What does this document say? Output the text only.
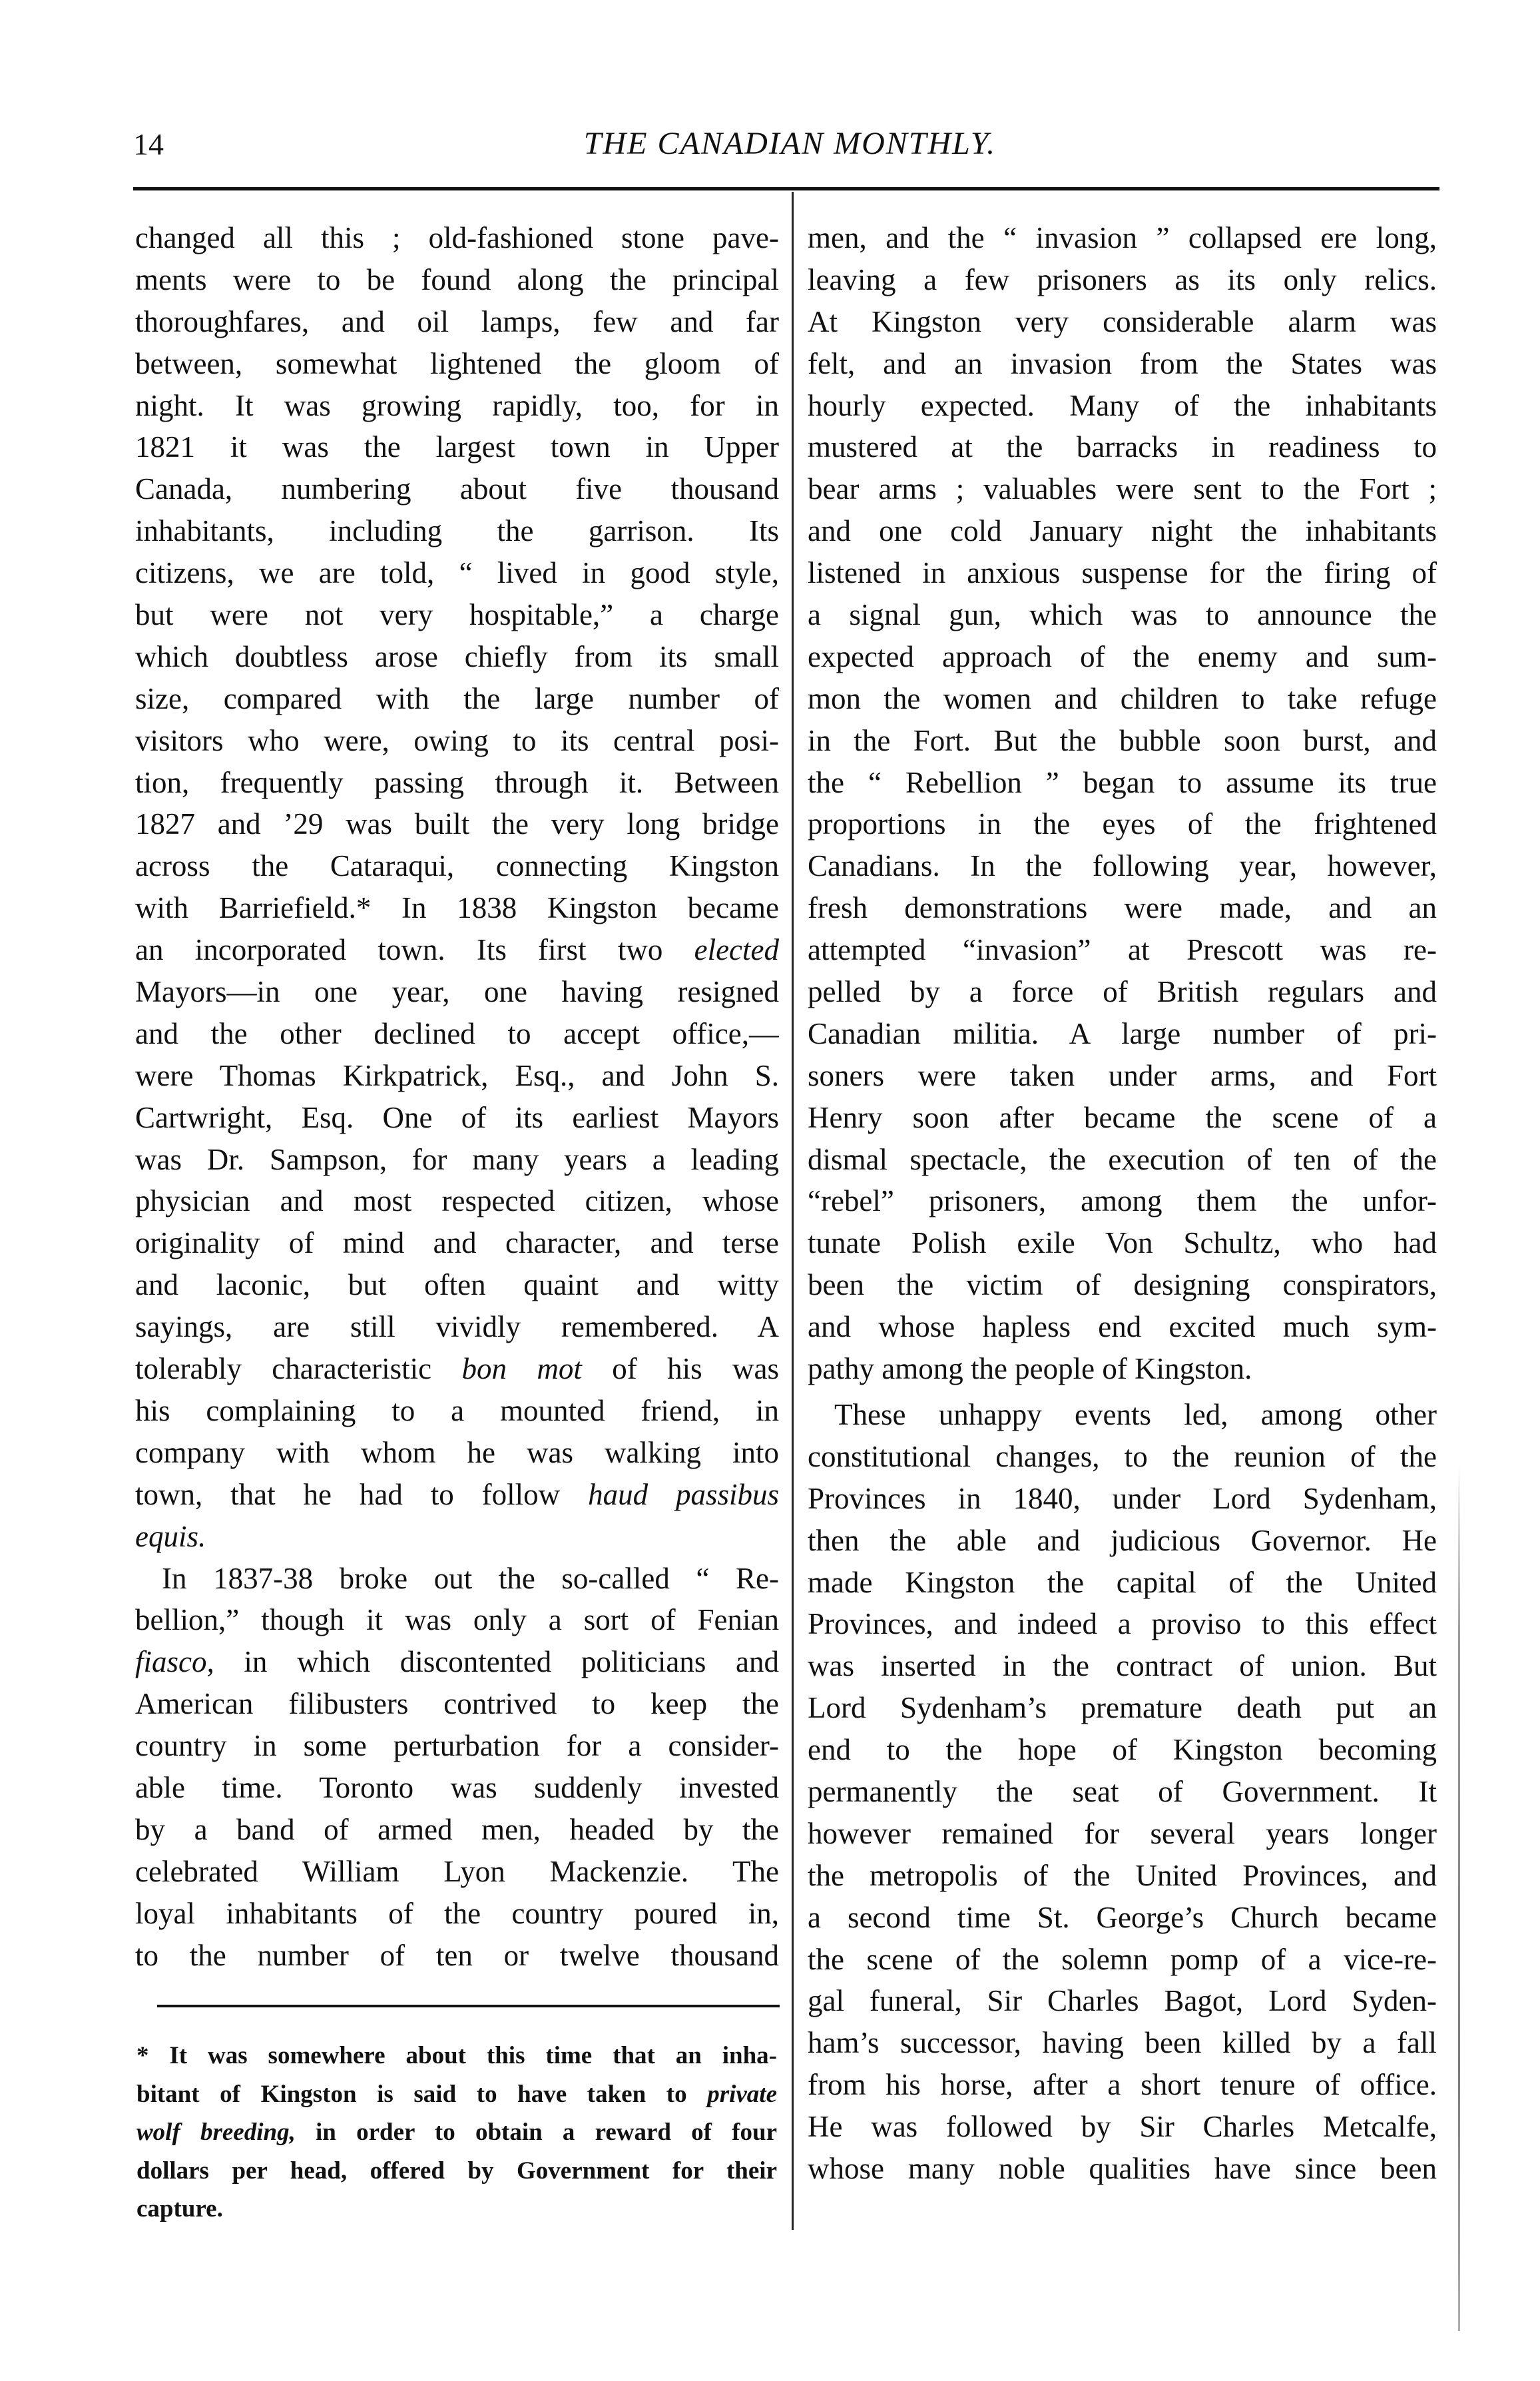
14	THE CANADIAN MONTHLY.
changed all this ; old-fashioned stone pave-
ments were to be found along the principal
thoroughfares, and oil lamps, few and far
between, somewhat lightened the gloom of
night. It was growing rapidly, too, for in
1821 it was the largest town in Upper
Canada, numbering about five thousand
inhabitants, including the garrison. Its
citizens, we are told, “ lived in good style,
but were not very hospitable,” a charge
which doubtless arose chiefly from its small
size, compared with the large number of
visitors who were, owing to its central posi-
tion, frequently passing through it. Between
1827 and ’29 was built the very long bridge
across the Cataraqui, connecting Kingston
with Barriefield.* In 1838 Kingston became
an incorporated town. Its first two elected
Mayors—in one year, one having resigned
and the other declined to accept office,—
were Thomas Kirkpatrick, Esq., and John S.
Cartwright, Esq. One of its earliest Mayors
was Dr. Sampson, for many years a leading
physician and most respected citizen, whose
originality of mind and character, and terse
and laconic, but often quaint and witty
sayings, are still vividly remembered. A
tolerably characteristic bon mot of his was
his complaining to a mounted friend, in
company with whom he was walking into
town, that he had to follow haud passibus
equis.
In 1837-38 broke out the so-called “ Re-
bellion,” though it was only a sort of Fenian
fiasco, in which discontented politicians and
American filibusters contrived to keep the
country in some perturbation for a consider-
able time. Toronto was suddenly invested
by a band of armed men, headed by the
celebrated William Lyon Mackenzie. The
loyal inhabitants of the country poured in,
to the number of ten or twelve thousand
men, and the “ invasion ” collapsed ere long,
leaving a few prisoners as its only relics.
At Kingston very considerable alarm was
felt, and an invasion from the States was
hourly expected. Many of the inhabitants
mustered at the barracks in readiness to
bear arms ; valuables were sent to the Fort ;
and one cold January night the inhabitants
listened in anxious suspense for the firing of
a signal gun, which was to announce the
expected approach of the enemy and sum-
mon the women and children to take refuge
in the Fort. But the bubble soon burst, and
the “ Rebellion ” began to assume its true
proportions in the eyes of the frightened
Canadians. In the following year, however,
fresh demonstrations were made, and an
attempted “invasion” at Prescott was re-
pelled by a force of British regulars and
Canadian militia. A large number of pri-
soners were taken under arms, and Fort
Henry soon after became the scene of a
dismal spectacle, the execution of ten of the
“rebel” prisoners, among them the unfor-
tunate Polish exile Von Schultz, who had
been the victim of designing conspirators,
and whose hapless end excited much sym-
pathy among the people of Kingston.
These unhappy events led, among other
constitutional changes, to the reunion of the
Provinces in 1840, under Lord Sydenham,
then the able and judicious Governor. He
made Kingston the capital of the United
Provinces, and indeed a proviso to this effect
was inserted in the contract of union. But
Lord Sydenham’s premature death put an
end to the hope of Kingston becoming
permanently the seat of Government. It
however remained for several years longer
the metropolis of the United Provinces, and
a second time St. George’s Church became
the scene of the solemn pomp of a vice-re-
gal funeral, Sir Charles Bagot, Lord Syden-
ham’s successor, having been killed by a fall
from his horse, after a short tenure of office.
He was followed by Sir Charles Metcalfe,
whose many noble qualities have since been
* It was somewhere about this time that an inha-
bitant of Kingston is said to have taken to private
wolf breeding, in order to obtain a reward of four
dollars per head, offered by Government for their
capture.
